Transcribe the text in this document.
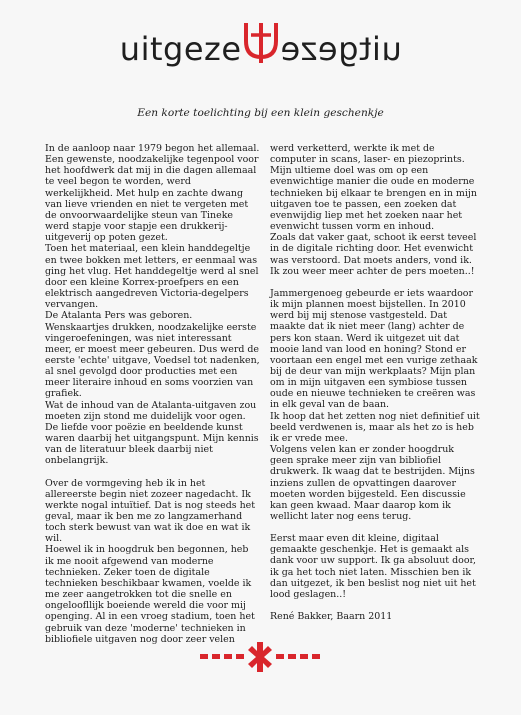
uitgeze uitgeze
Een korte toelichting bij een klein geschenkje

In de aanloop naar 1979 begon het allemaal. Een gewenste, noodzakelijke tegenpool voor het hoofdwerk dat mij in die dagen allemaal te veel begon te worden, werd werkelijkheid. Met hulp en zachte dwang van lieve vrienden en niet te vergeten met de onvoorwaardelijke steun van Tineke werd stapje voor stapje een drukkerij-uitgeverij op poten gezet.

Toen het materiaal, een klein handdegeltje en twee bokken met letters, er eenmaal was ging het vlug. Het handdegeltje werd al snel door een kleine Korrex-proefpers en een elektrisch aangedreven Victoria-degelpers vervangen.

De Atalanta Pers was geboren.

Wenskaartjes drukken, noodzakelijke eerste vingeroefeningen, was niet interessant meer, er moest meer gebeuren. Dus werd de eerste 'echte' uitgave, Voedsel tot nadenken, al snel gevolgd door producties met een meer literaire inhoud en soms voorzien van grafiek.

Wat de inhoud van de Atalanta-uitgaven zou moeten zijn stond me duidelijk voor ogen. De liefde voor poëzie en beeldende kunst waren daarbij het uitgangspunt. Mijn kennis van de literatuur bleek daarbij niet onbelangrijk.

Over de vormgeving heb ik in het allereerste begin niet zozeer nagedacht. Ik werkte nogal intuïtief. Dat is nog steeds het geval, maar ik ben me zo langzamerhand toch sterk bewust van wat ik doe en wat ik wil.

Hoewel ik in hoogdruk ben begonnen, heb ik me nooit afgewend van moderne technieken. Zeker toen de digitale technieken beschikbaar kwamen, voelde ik me zeer aangetrokken tot die snelle en ongeloofllijk boeiende wereld die voor mij openging. Al in een vroeg stadium, toen het gebruik van deze 'moderne' technieken in bibliofiele uitgaven nog door zeer velen

werd verketterd, werkte ik met de computer in scans, laser- en piezoprints. Mijn ultieme doel was om op een evenwichtige manier die oude en moderne technieken bij elkaar te brengen en in mijn uitgaven toe te passen, een zoeken dat evenwijdig liep met het zoeken naar het evenwicht tussen vorm en inhoud.

Zoals dat vaker gaat, schoot ik eerst teveel in de digitale richting door. Het evenwicht was verstoord. Dat moets anders, vond ik. Ik zou weer meer achter de pers moeten..!

Jammergenoeg gebeurde er iets waardoor ik mijn plannen moest bijstellen. In 2010 werd bij mij stenose vastgesteld. Dat maakte dat ik niet meer (lang) achter de pers kon staan. Werd ik uitgezet uit dat mooie land van lood en honing? Stond er voortaan een engel met een vurige zethaak bij de deur van mijn werkplaats? Mijn plan om in mijn uitgaven een symbiose tussen oude en nieuwe technieken te creëren was in elk geval van de baan.

Ik hoop dat het zetten nog niet definitief uit beeld verdwenen is, maar als het zo is heb ik er vrede mee.

Volgens velen kan er zonder hoogdruk geen sprake meer zijn van bibliofiel drukwerk. Ik waag dat te bestrijden. Mijns inziens zullen de opvattingen daarover moeten worden bijgesteld. Een discussie kan geen kwaad. Maar daarop kom ik wellicht later nog eens terug.

Eerst maar even dit kleine, digitaal gemaakte geschenkje. Het is gemaakt als dank voor uw support. Ik ga absoluut door, ik ga het toch niet laten. Misschien ben ik dan uitgezet, ik ben beslist nog niet uit het lood geslagen..!

René Bakker, Baarn 2011
